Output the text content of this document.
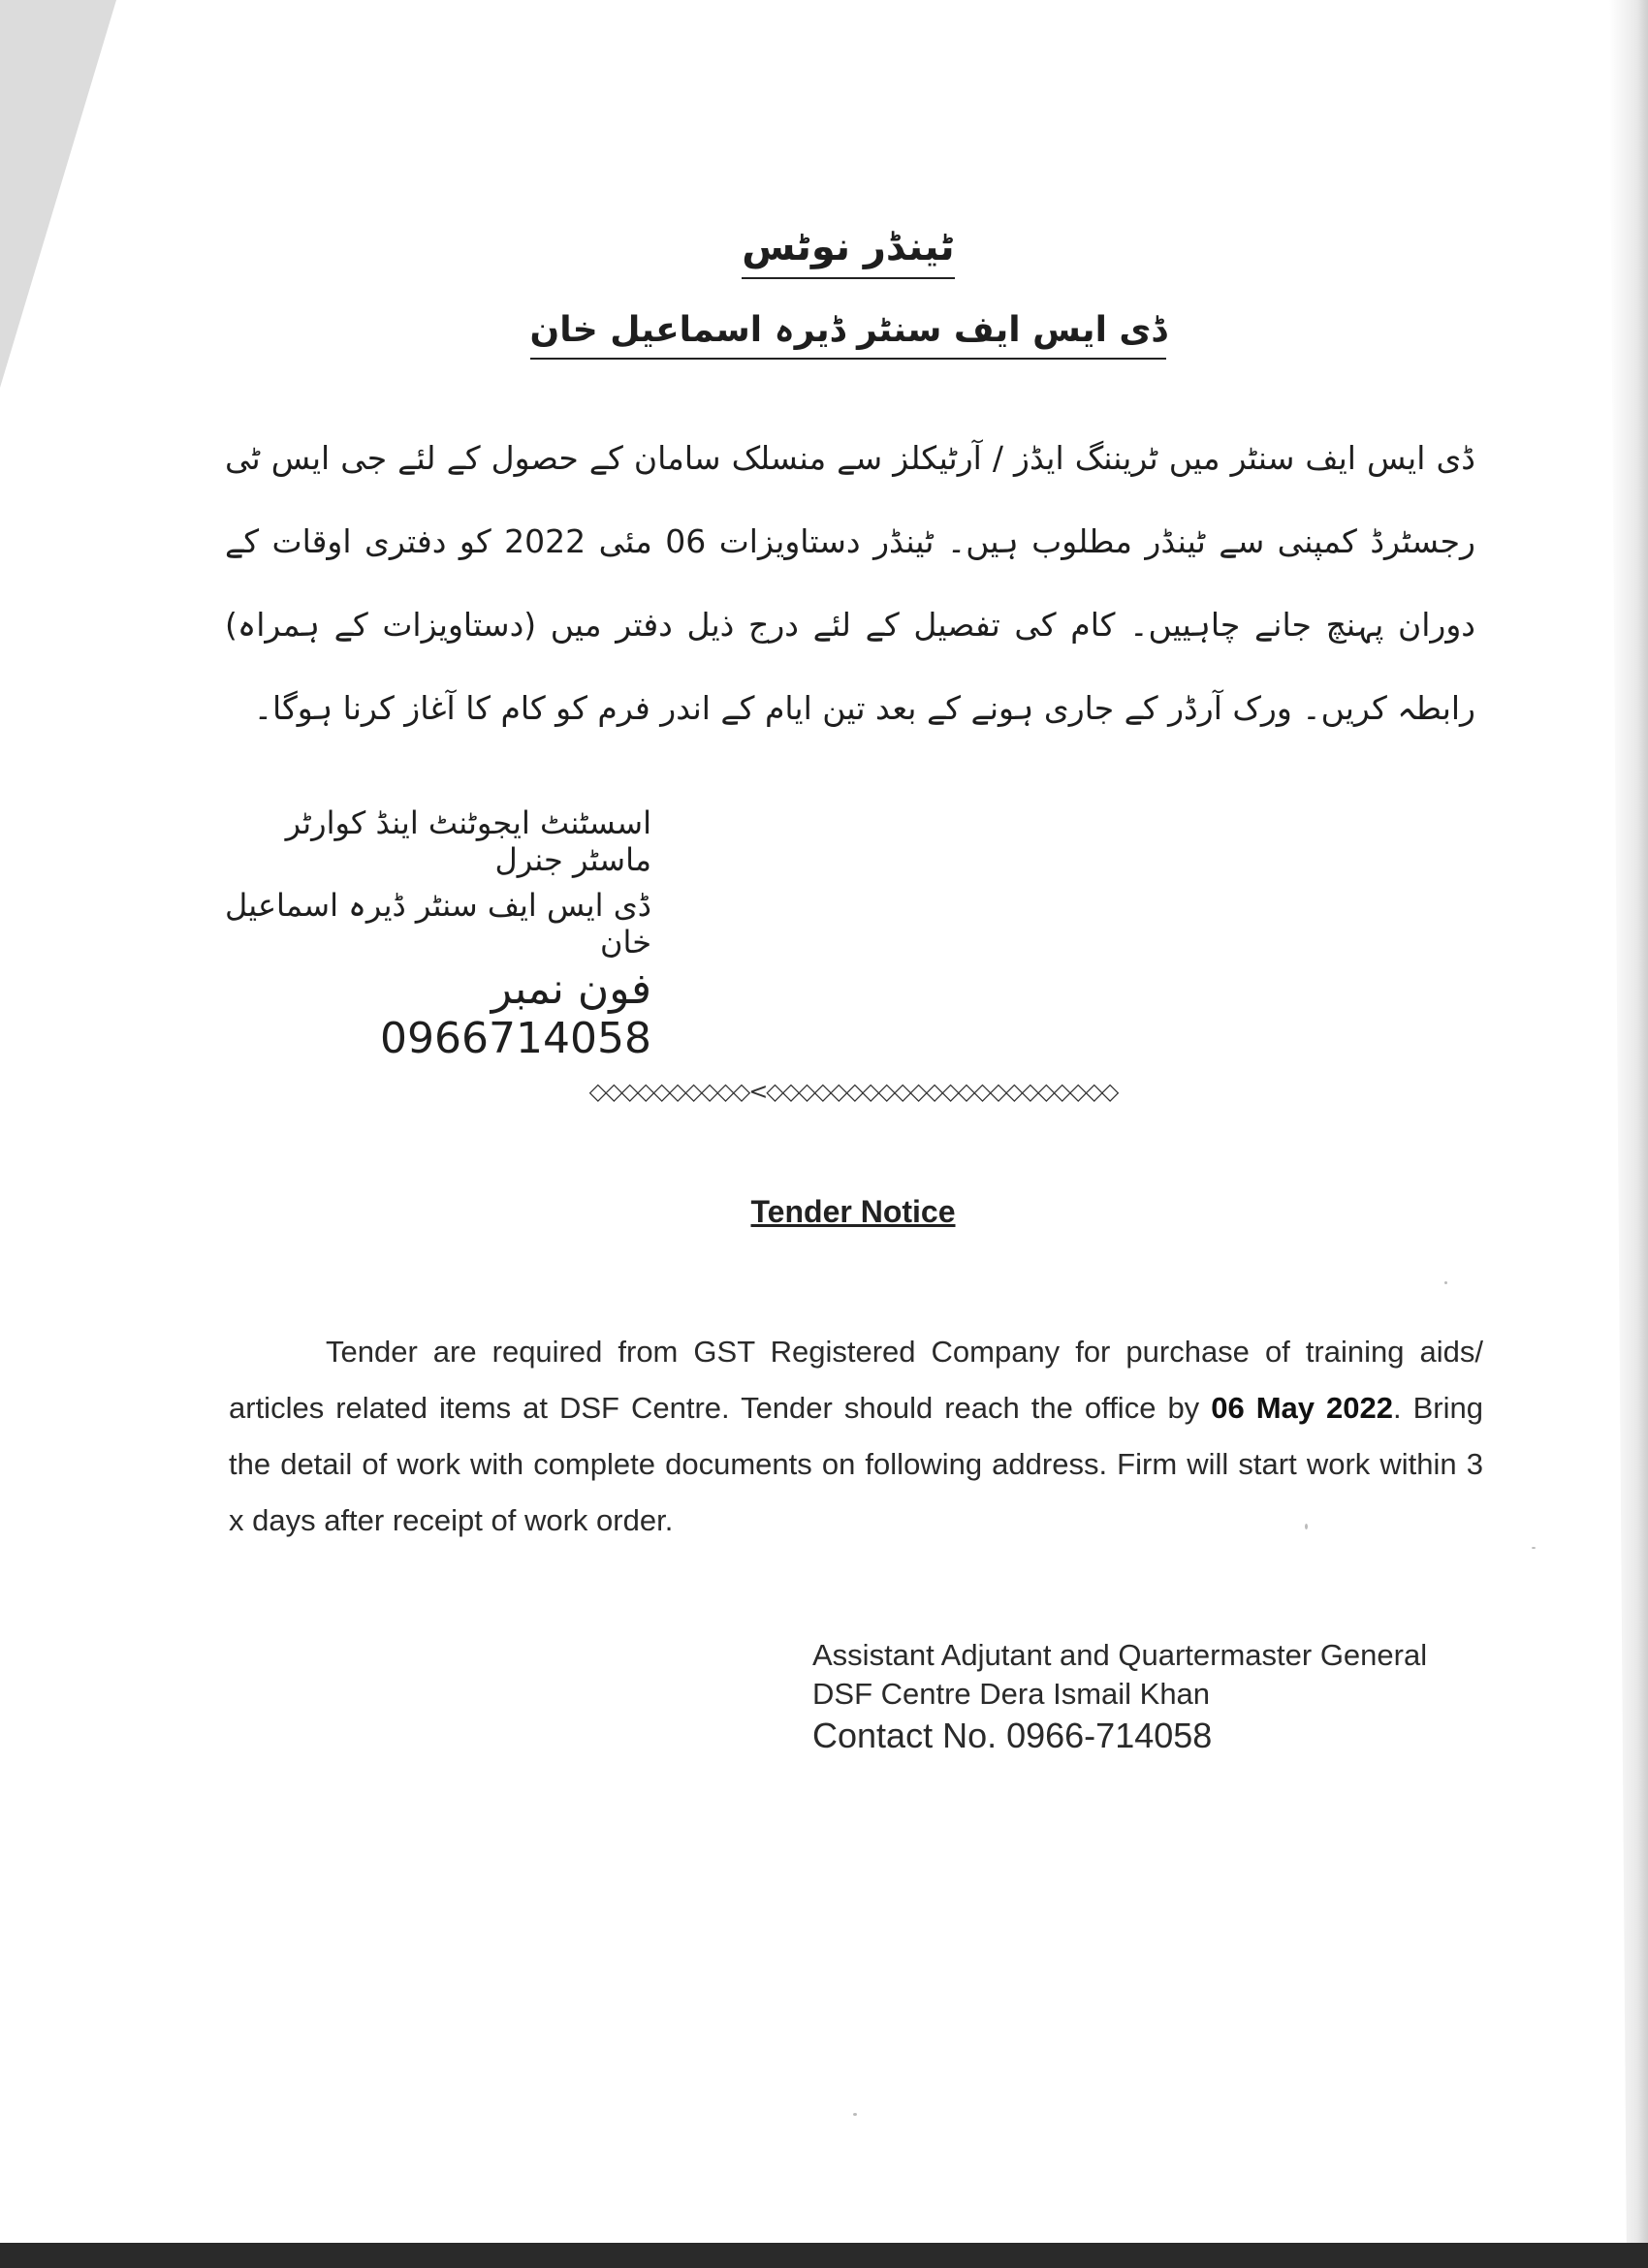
ٹینڈر نوٹس
ڈی ایس ایف سنٹر ڈیرہ اسماعیل خان
ڈی ایس ایف سنٹر میں ٹریننگ ایڈز / آرٹیکلز سے منسلک سامان کے حصول کے لئے جی ایس ٹی رجسٹرڈ کمپنی سے ٹینڈر مطلوب ہیں۔ ٹینڈر دستاویزات 06 مئی 2022 کو دفتری اوقات کے دوران پہنچ جانے چاہییں۔ کام کی تفصیل کے لئے درج ذیل دفتر میں (دستاویزات کے ہمراہ) رابطہ کریں۔ ورک آرڈر کے جاری ہونے کے بعد تین ایام کے اندر فرم کو کام کا آغاز کرنا ہوگا۔
اسسٹنٹ ایجوٹنٹ اینڈ کوارٹر ماسٹر جنرل
ڈی ایس ایف سنٹر ڈیرہ اسماعیل خان
فون نمبر 0966714058
◇◇◇◇◇◇◇◇◇◇<◇◇◇◇◇◇◇◇◇◇◇◇◇◇◇◇◇◇◇◇◇◇
Tender Notice
Tender are required from GST Registered Company for purchase of training aids/ articles related items at DSF Centre. Tender should reach the office by 06 May 2022. Bring the detail of work with complete documents on following address. Firm will start work within 3 x days after receipt of work order.
Assistant Adjutant and Quartermaster General
DSF Centre Dera Ismail Khan
Contact No. 0966-714058
